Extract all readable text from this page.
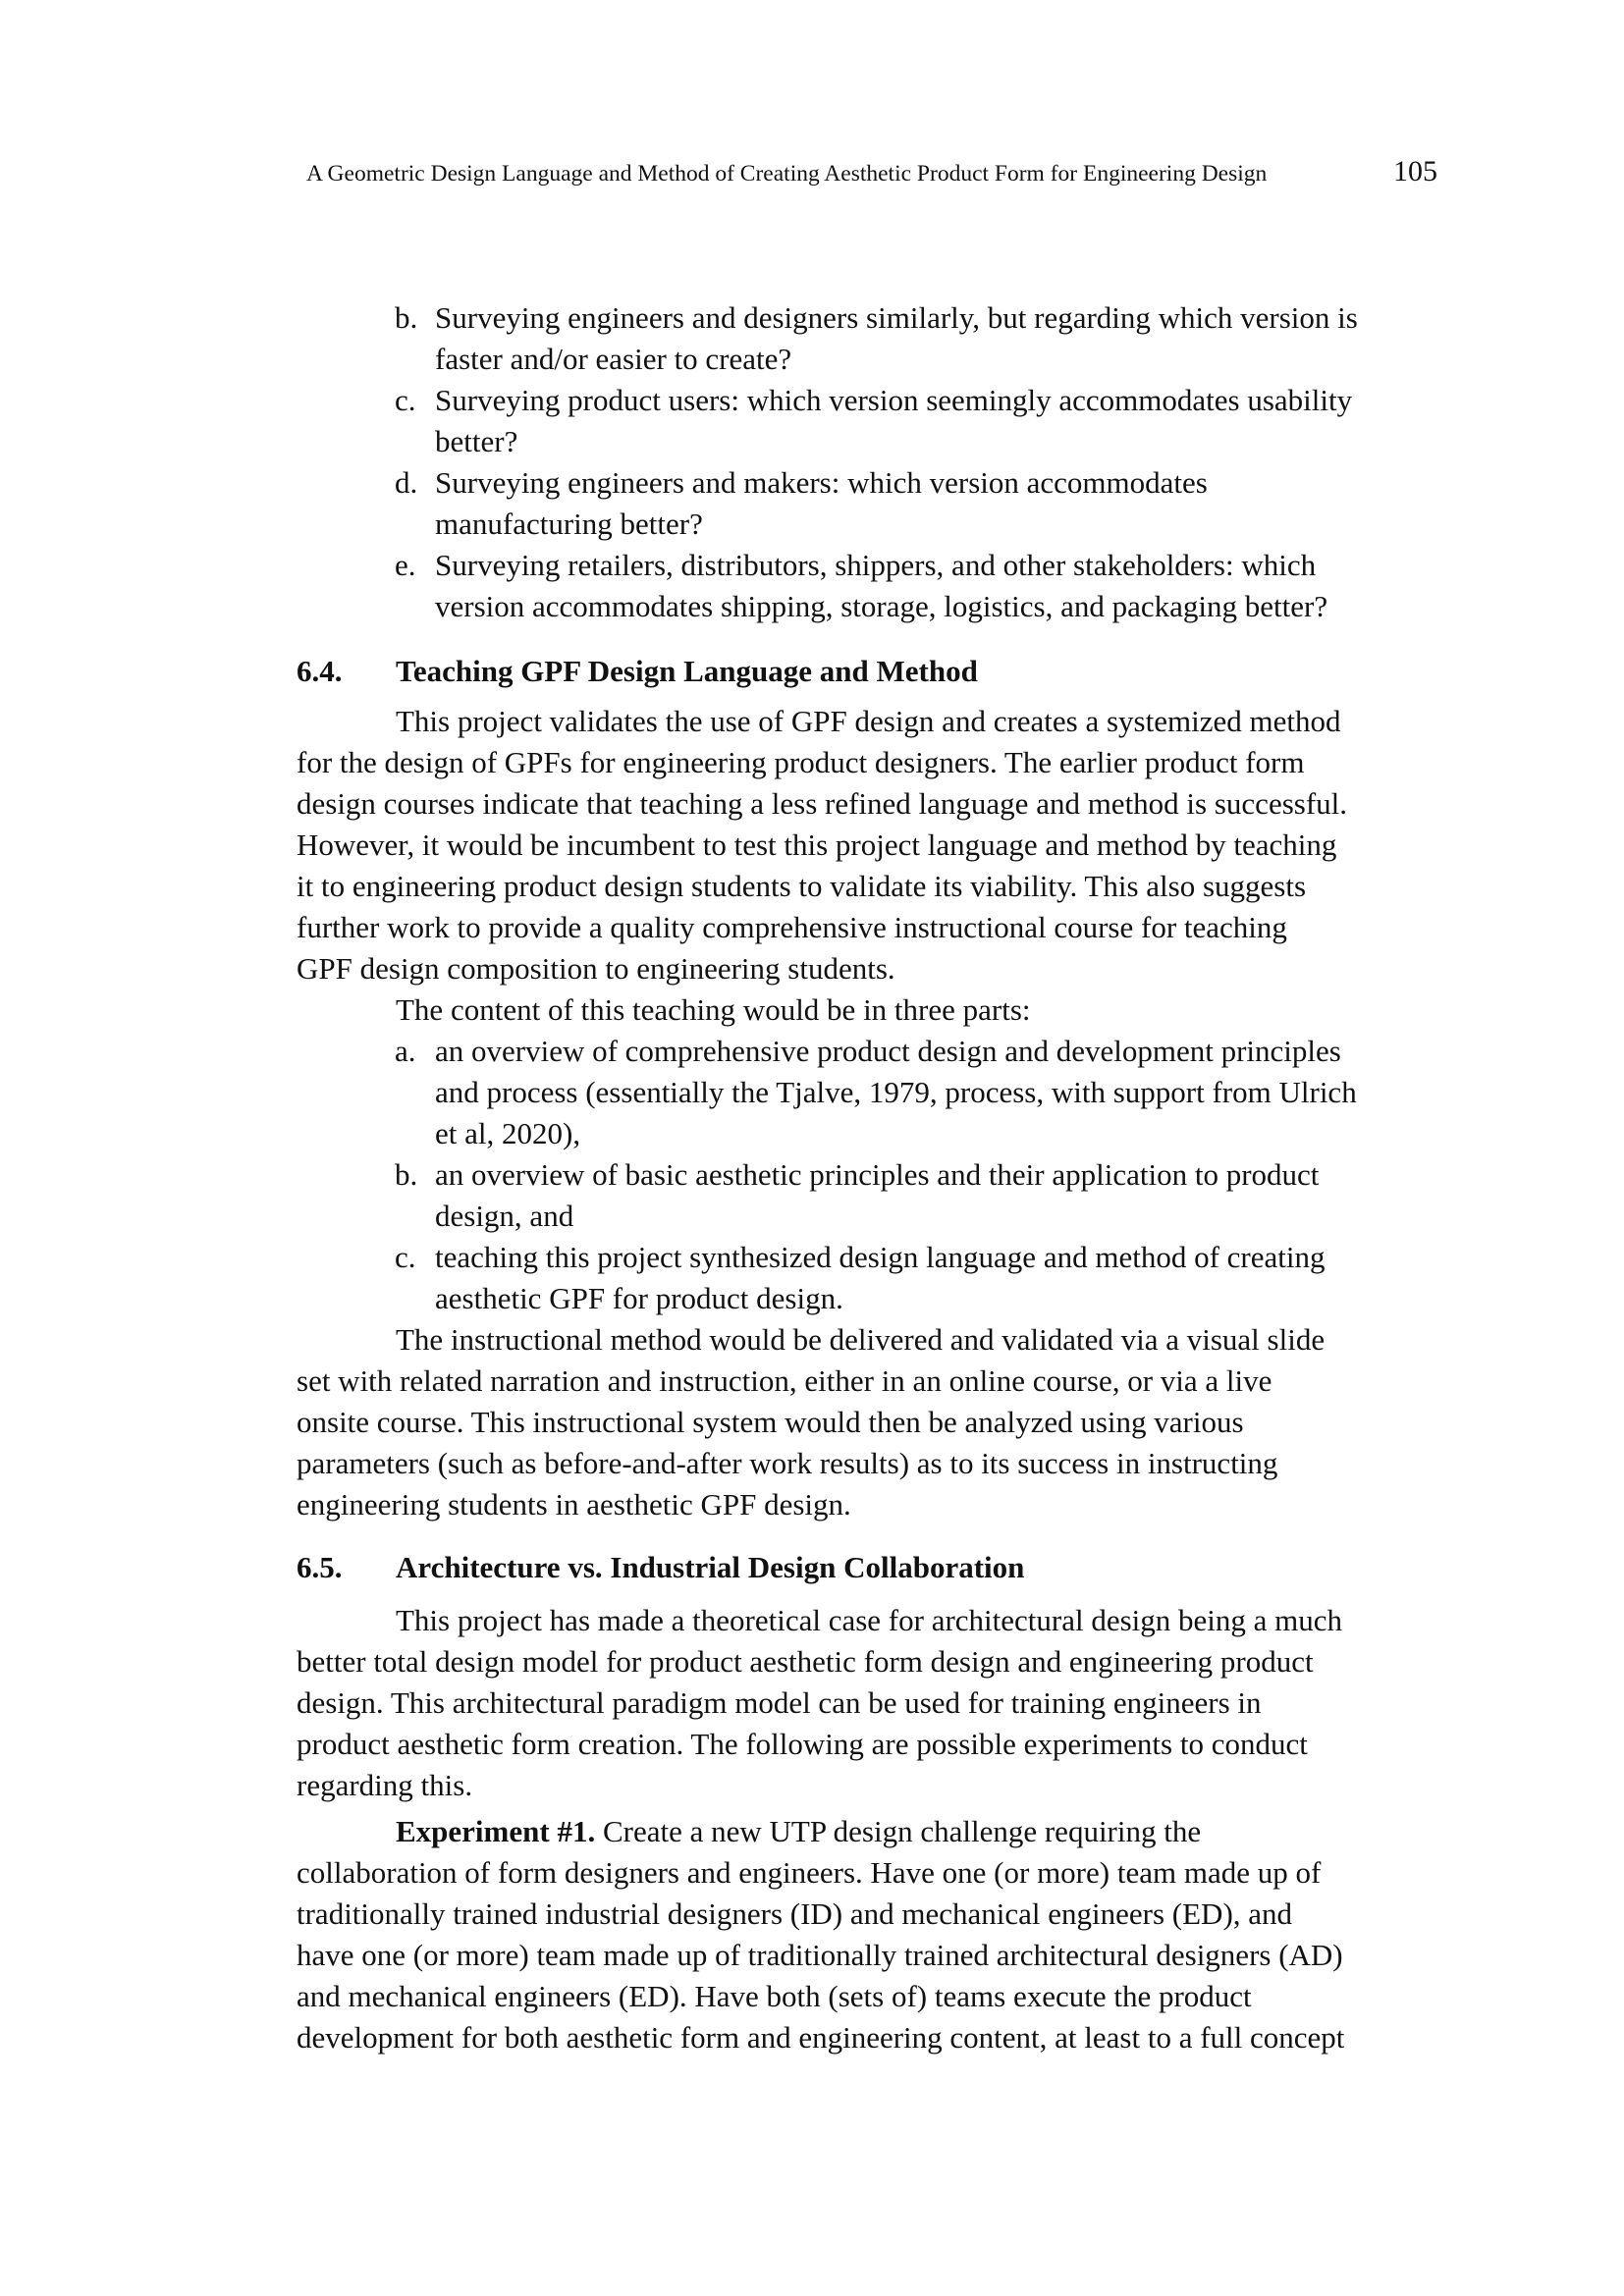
A Geometric Design Language and Method of Creating Aesthetic Product Form for Engineering Design	105
b. Surveying engineers and designers similarly, but regarding which version is
faster and/or easier to create?
c. Surveying product users: which version seemingly accommodates usability
better?
d. Surveying engineers and makers: which version accommodates
manufacturing better?
e. Surveying retailers, distributors, shippers, and other stakeholders: which
version accommodates shipping, storage, logistics, and packaging better?
6.4. Teaching GPF Design Language and Method
This project validates the use of GPF design and creates a systemized method
for the design of GPFs for engineering product designers. The earlier product form
design courses indicate that teaching a less refined language and method is successful.
However, it would be incumbent to test this project language and method by teaching
it to engineering product design students to validate its viability. This also suggests
further work to provide a quality comprehensive instructional course for teaching
GPF design composition to engineering students.
The content of this teaching would be in three parts:
a. an overview of comprehensive product design and development principles
and process (essentially the Tjalve, 1979, process, with support from Ulrich
et al, 2020),
b. an overview of basic aesthetic principles and their application to product
design, and
c. teaching this project synthesized design language and method of creating
aesthetic GPF for product design.
The instructional method would be delivered and validated via a visual slide
set with related narration and instruction, either in an online course, or via a live
onsite course. This instructional system would then be analyzed using various
parameters (such as before-and-after work results) as to its success in instructing
engineering students in aesthetic GPF design.
6.5. Architecture vs. Industrial Design Collaboration
This project has made a theoretical case for architectural design being a much
better total design model for product aesthetic form design and engineering product
design. This architectural paradigm model can be used for training engineers in
product aesthetic form creation. The following are possible experiments to conduct
regarding this.
Experiment #1. Create a new UTP design challenge requiring the
collaboration of form designers and engineers. Have one (or more) team made up of
traditionally trained industrial designers (ID) and mechanical engineers (ED), and
have one (or more) team made up of traditionally trained architectural designers (AD)
and mechanical engineers (ED). Have both (sets of) teams execute the product
development for both aesthetic form and engineering content, at least to a full concept
